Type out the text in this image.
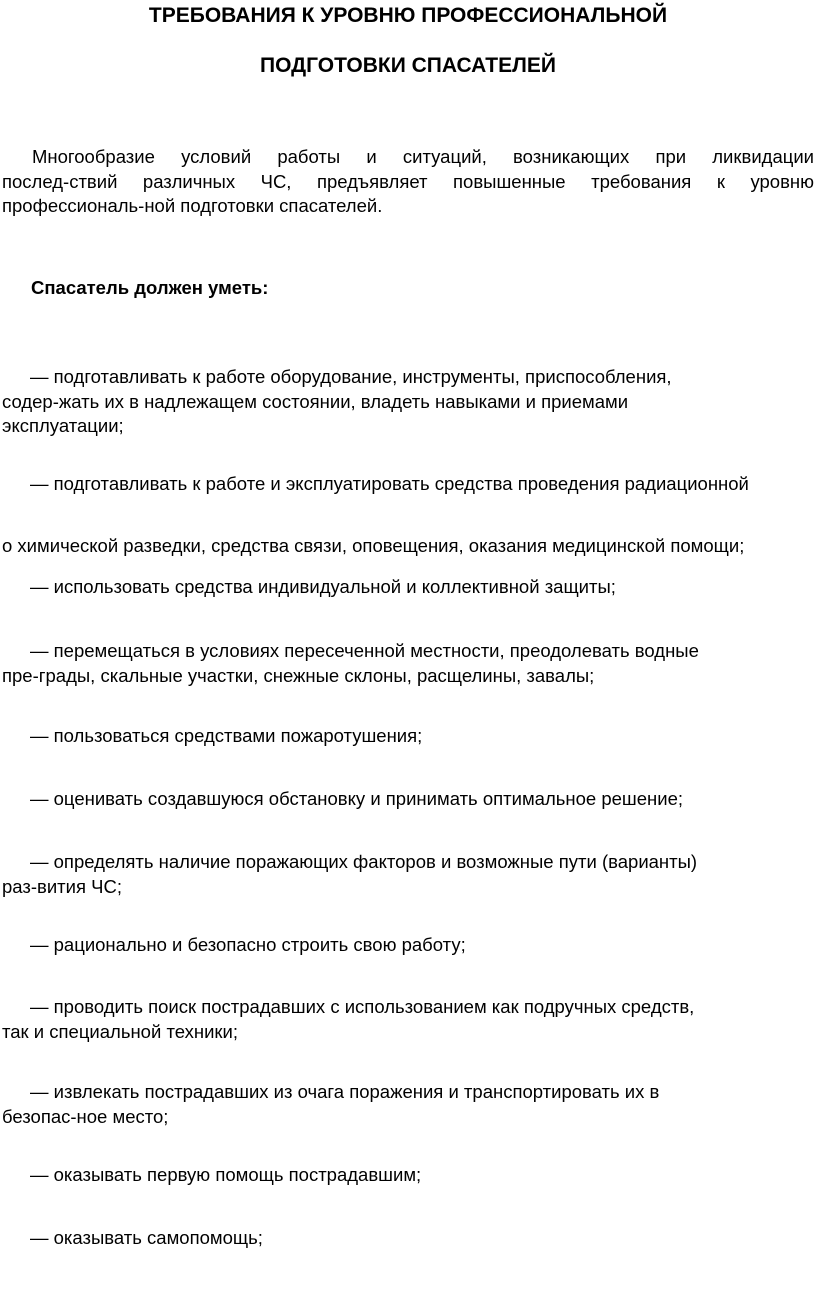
ТРЕБОВАНИЯ К УРОВНЮ ПРОФЕССИОНАЛЬНОЙ
ПОДГОТОВКИ СПАСАТЕЛЕЙ
Многообразие условий работы и ситуаций, возникающих при ликвидации
послед-ствий различных ЧС, предъявляет повышенные требования к уровню
профессиональ-ной подготовки спасателей.
Спасатель должен уметь:
— подготавливать к работе оборудование, инструменты, приспособления,
содер-жать их в надлежащем состоянии, владеть навыками и приемами
эксплуатации;
— подготавливать к работе и эксплуатировать средства проведения радиационной
о химической разведки, средства связи, оповещения, оказания медицинской помощи;
— использовать средства индивидуальной и коллективной защиты;
— перемещаться в условиях пересеченной местности, преодолевать водные
пре-грады, скальные участки, снежные склоны, расщелины, завалы;
— пользоваться средствами пожаротушения;
— оценивать создавшуюся обстановку и принимать оптимальное решение;
— определять наличие поражающих факторов и возможные пути (варианты)
раз-вития ЧС;
— рационально и безопасно строить свою работу;
— проводить поиск пострадавших с использованием как подручных средств,
так и специальной техники;
— извлекать пострадавших из очага поражения и транспортировать их в
безопас-ное место;
— оказывать первую помощь пострадавшим;
— оказывать самопомощь;
